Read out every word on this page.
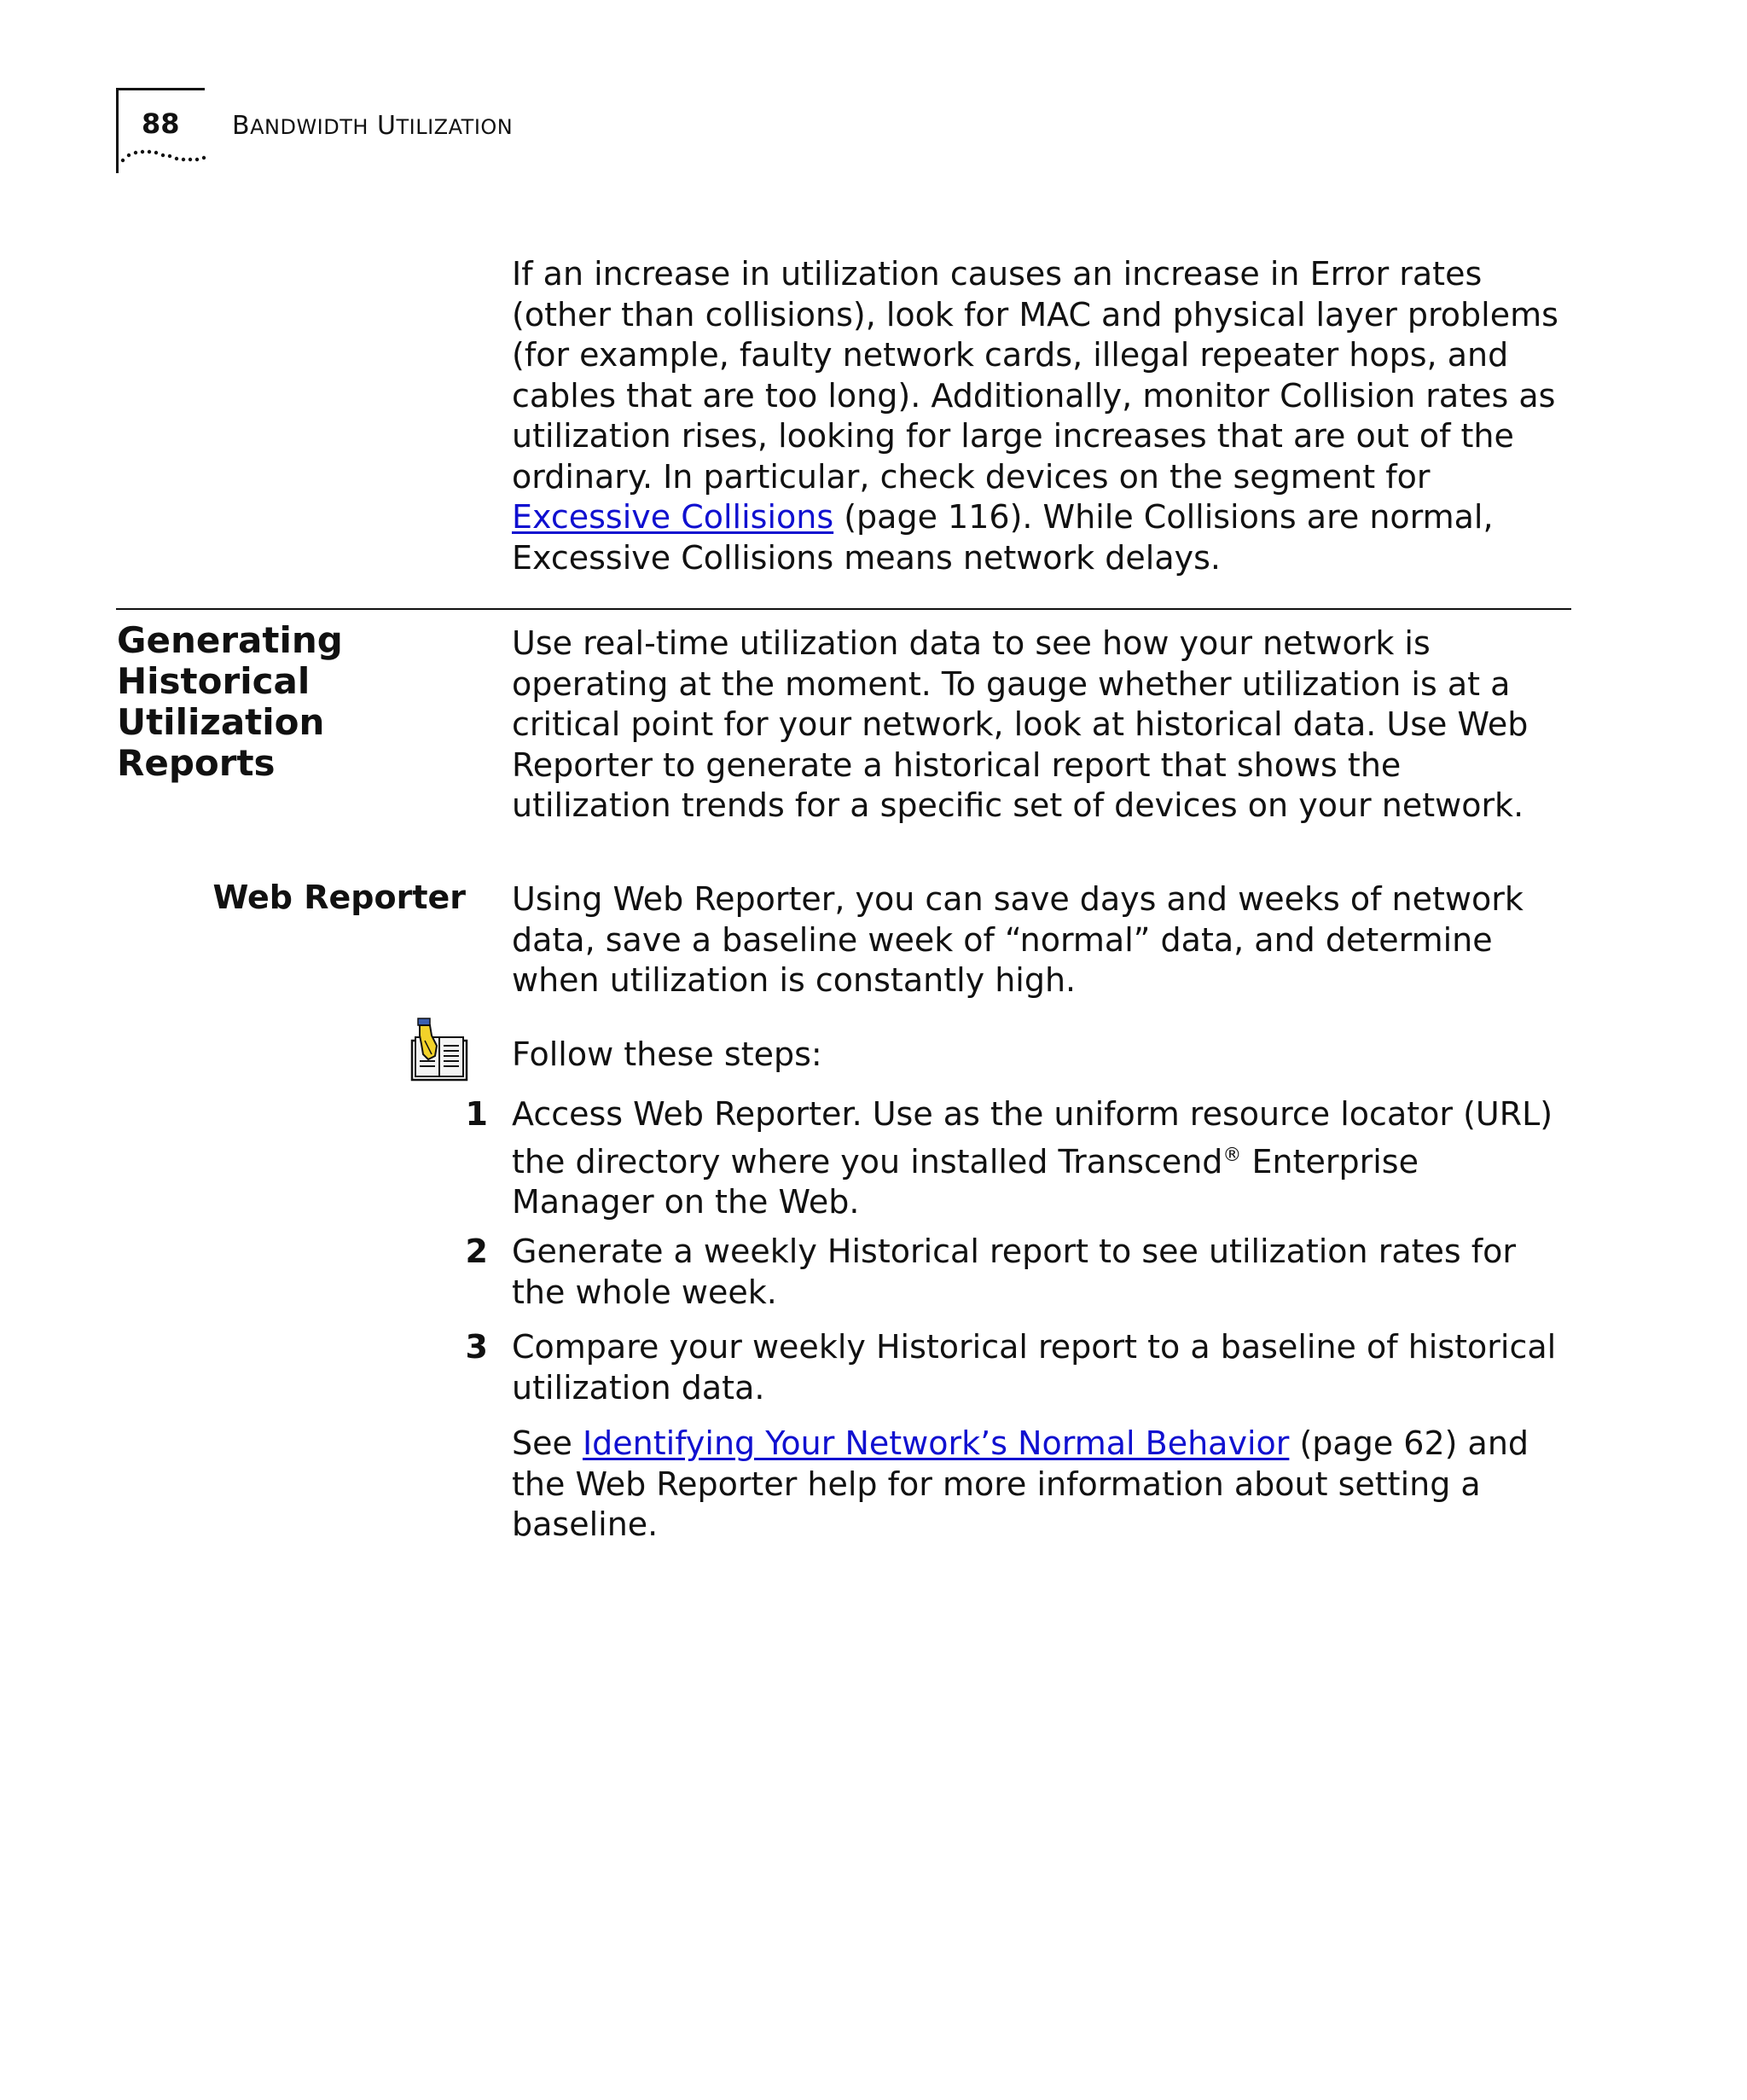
88 BANDWIDTH UTILIZATION

If an increase in utilization causes an increase in Error rates (other than collisions), look for MAC and physical layer problems (for example, faulty network cards, illegal repeater hops, and cables that are too long). Additionally, monitor Collision rates as utilization rises, looking for large increases that are out of the ordinary. In particular, check devices on the segment for Excessive Collisions (page 116). While Collisions are normal, Excessive Collisions means network delays.

Generating
Historical
Utilization Reports

Use real-time utilization data to see how your network is operating at the moment. To gauge whether utilization is at a critical point for your network, look at historical data. Use Web Reporter to generate a historical report that shows the utilization trends for a specific set of devices on your network.

Web Reporter Using Web Reporter, you can save days and weeks of network data, save a baseline week of “normal” data, and determine when utilization is constantly high.

Follow these steps:

1 Access Web Reporter. Use as the uniform resource locator (URL) the directory where you installed Transcend® Enterprise Manager on the Web.

2 Generate a weekly Historical report to see utilization rates for the whole week.

3 Compare your weekly Historical report to a baseline of historical utilization data.

See Identifying Your Network’s Normal Behavior (page 62) and the Web Reporter help for more information about setting a baseline.
